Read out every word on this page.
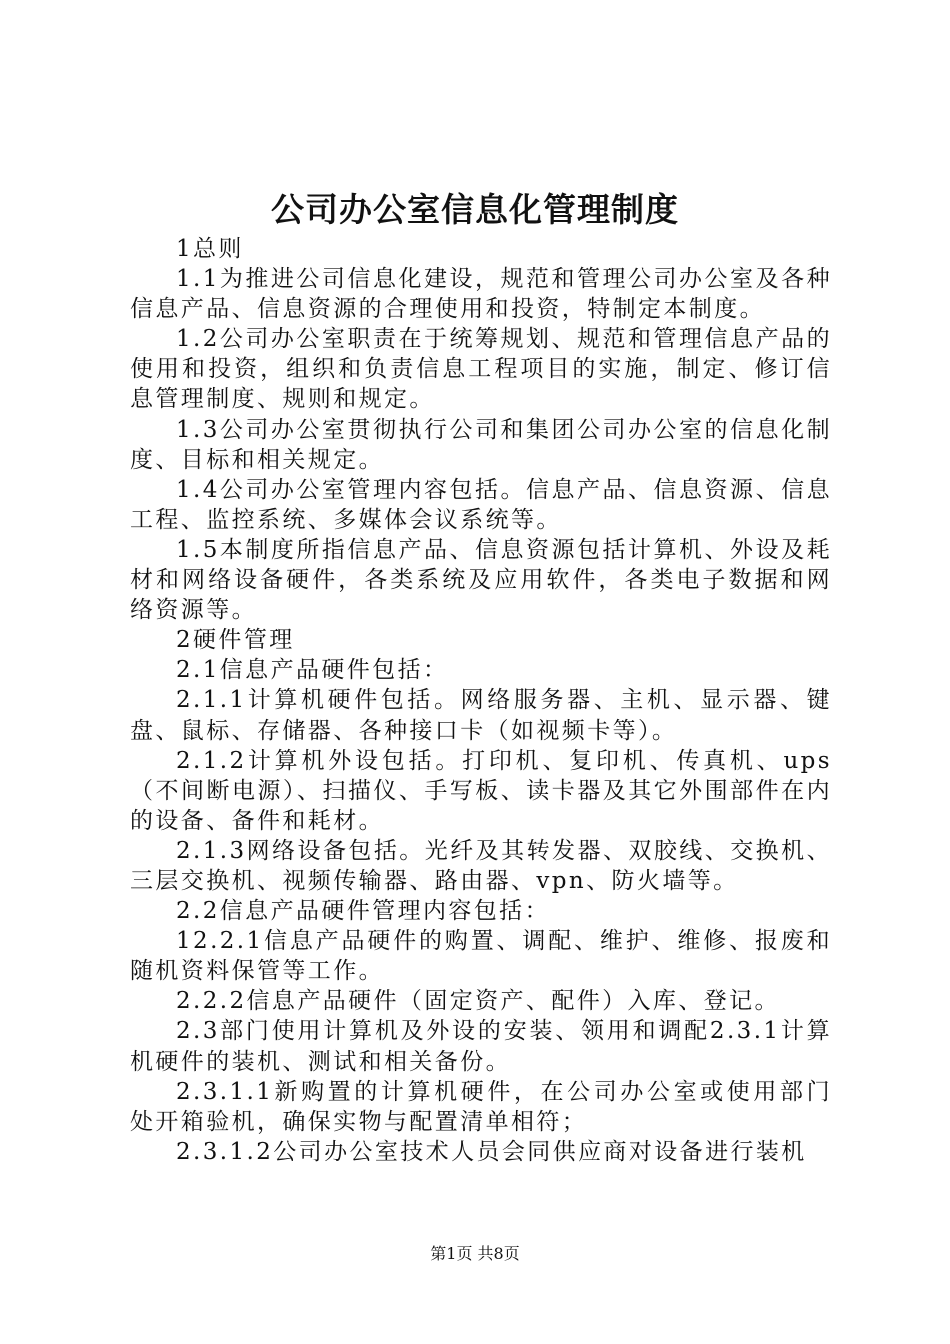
公司办公室信息化管理制度

1总则

1.1为推进公司信息化建设，规范和管理公司办公室及各种信息产品、信息资源的合理使用和投资，特制定本制度。

1.2公司办公室职责在于统筹规划、规范和管理信息产品的使用和投资，组织和负责信息工程项目的实施，制定、修订信息管理制度、规则和规定。

1.3公司办公室贯彻执行公司和集团公司办公室的信息化制度、目标和相关规定。

1.4公司办公室管理内容包括。信息产品、信息资源、信息工程、监控系统、多媒体会议系统等。

1.5本制度所指信息产品、信息资源包括计算机、外设及耗材和网络设备硬件，各类系统及应用软件，各类电子数据和网络资源等。

2硬件管理

2.1信息产品硬件包括：

2.1.1计算机硬件包括。网络服务器、主机、显示器、键盘、鼠标、存储器、各种接口卡（如视频卡等）。

2.1.2计算机外设包括。打印机、复印机、传真机、ups（不间断电源）、扫描仪、手写板、读卡器及其它外围部件在内的设备、备件和耗材。

2.1.3网络设备包括。光纤及其转发器、双胶线、交换机、三层交换机、视频传输器、路由器、vpn、防火墙等。

2.2信息产品硬件管理内容包括：

12.2.1信息产品硬件的购置、调配、维护、维修、报废和随机资料保管等工作。

2.2.2信息产品硬件（固定资产、配件）入库、登记。

2.3部门使用计算机及外设的安装、领用和调配2.3.1计算机硬件的装机、测试和相关备份。

2.3.1.1新购置的计算机硬件，在公司办公室或使用部门处开箱验机，确保实物与配置清单相符；

2.3.1.2公司办公室技术人员会同供应商对设备进行装机

第1页 共8页
